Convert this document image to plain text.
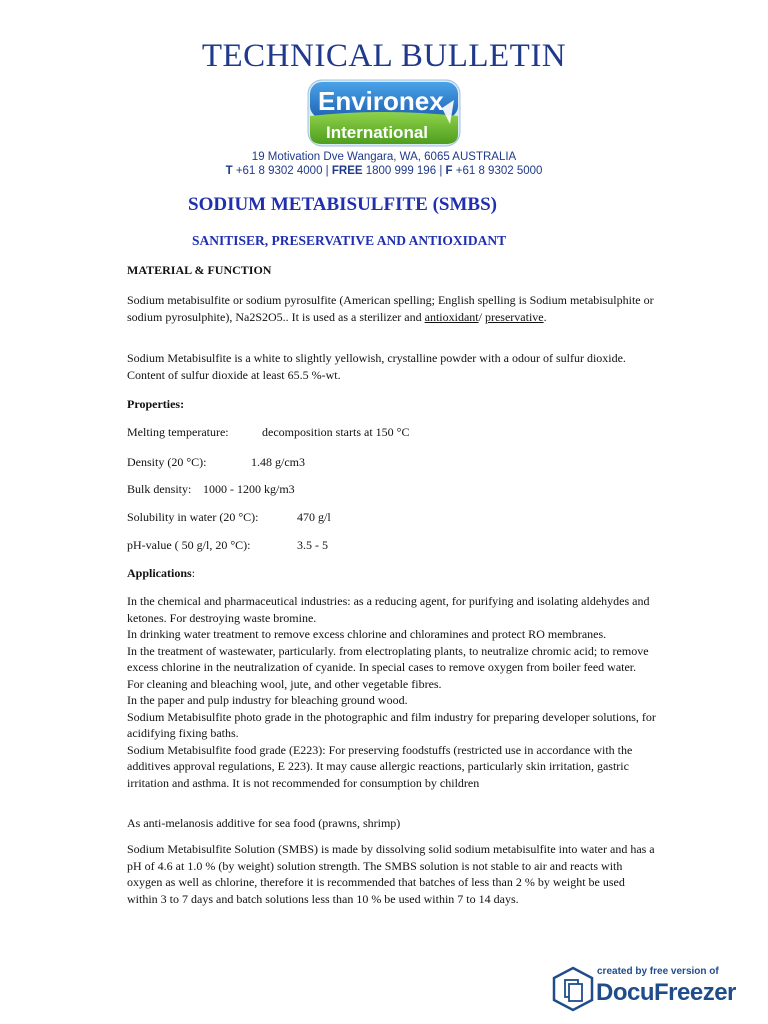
TECHNICAL BULLETIN
Environex
International
19 Motivation Dve Wangara, WA, 6065 AUSTRALIA
T +61 8 9302 4000 | FREE 1800 999 196 | F +61 8 9302 5000
SODIUM METABISULFITE (SMBS)
SANITISER, PRESERVATIVE AND ANTIOXIDANT
MATERIAL & FUNCTION
Sodium metabisulfite or sodium pyrosulfite (American spelling; English spelling is Sodium metabisulphite or sodium pyrosulphite), Na2S2O5.. It is used as a sterilizer and antioxidant/ preservative.
Sodium Metabisulfite is a white to slightly yellowish, crystalline powder with a odour of sulfur dioxide. Content of sulfur dioxide at least 65.5 %-wt.
Properties:
Melting temperature:	decomposition starts at 150 °C
Density (20 °C):	1.48 g/cm3
Bulk density: 1000 - 1200 kg/m3
Solubility in water (20 °C):	470 g/l
pH-value ( 50 g/l, 20 °C):	3.5 - 5
Applications:
In the chemical and pharmaceutical industries: as a reducing agent, for purifying and isolating aldehydes and ketones. For destroying waste bromine.
In drinking water treatment to remove excess chlorine and chloramines and protect RO membranes.
In the treatment of wastewater, particularly. from electroplating plants, to neutralize chromic acid; to remove excess chlorine in the neutralization of cyanide. In special cases to remove oxygen from boiler feed water.
For cleaning and bleaching wool, jute, and other vegetable fibres.
In the paper and pulp industry for bleaching ground wood.
Sodium Metabisulfite photo grade in the photographic and film industry for preparing developer solutions, for acidifying fixing baths.
Sodium Metabisulfite food grade (E223): For preserving foodstuffs (restricted use in accordance with the additives approval regulations, E 223). It may cause allergic reactions, particularly skin irritation, gastric irritation and asthma. It is not recommended for consumption by children
As anti-melanosis additive for sea food (prawns, shrimp)
Sodium Metabisulfite Solution (SMBS) is made by dissolving solid sodium metabisulfite into water and has a pH of 4.6 at 1.0 % (by weight) solution strength. The SMBS solution is not stable to air and reacts with oxygen as well as chlorine, therefore it is recommended that batches of less than 2 % by weight be used within 3 to 7 days and batch solutions less than 10 % be used within 7 to 14 days.
created by free version of
DocuFreezer
